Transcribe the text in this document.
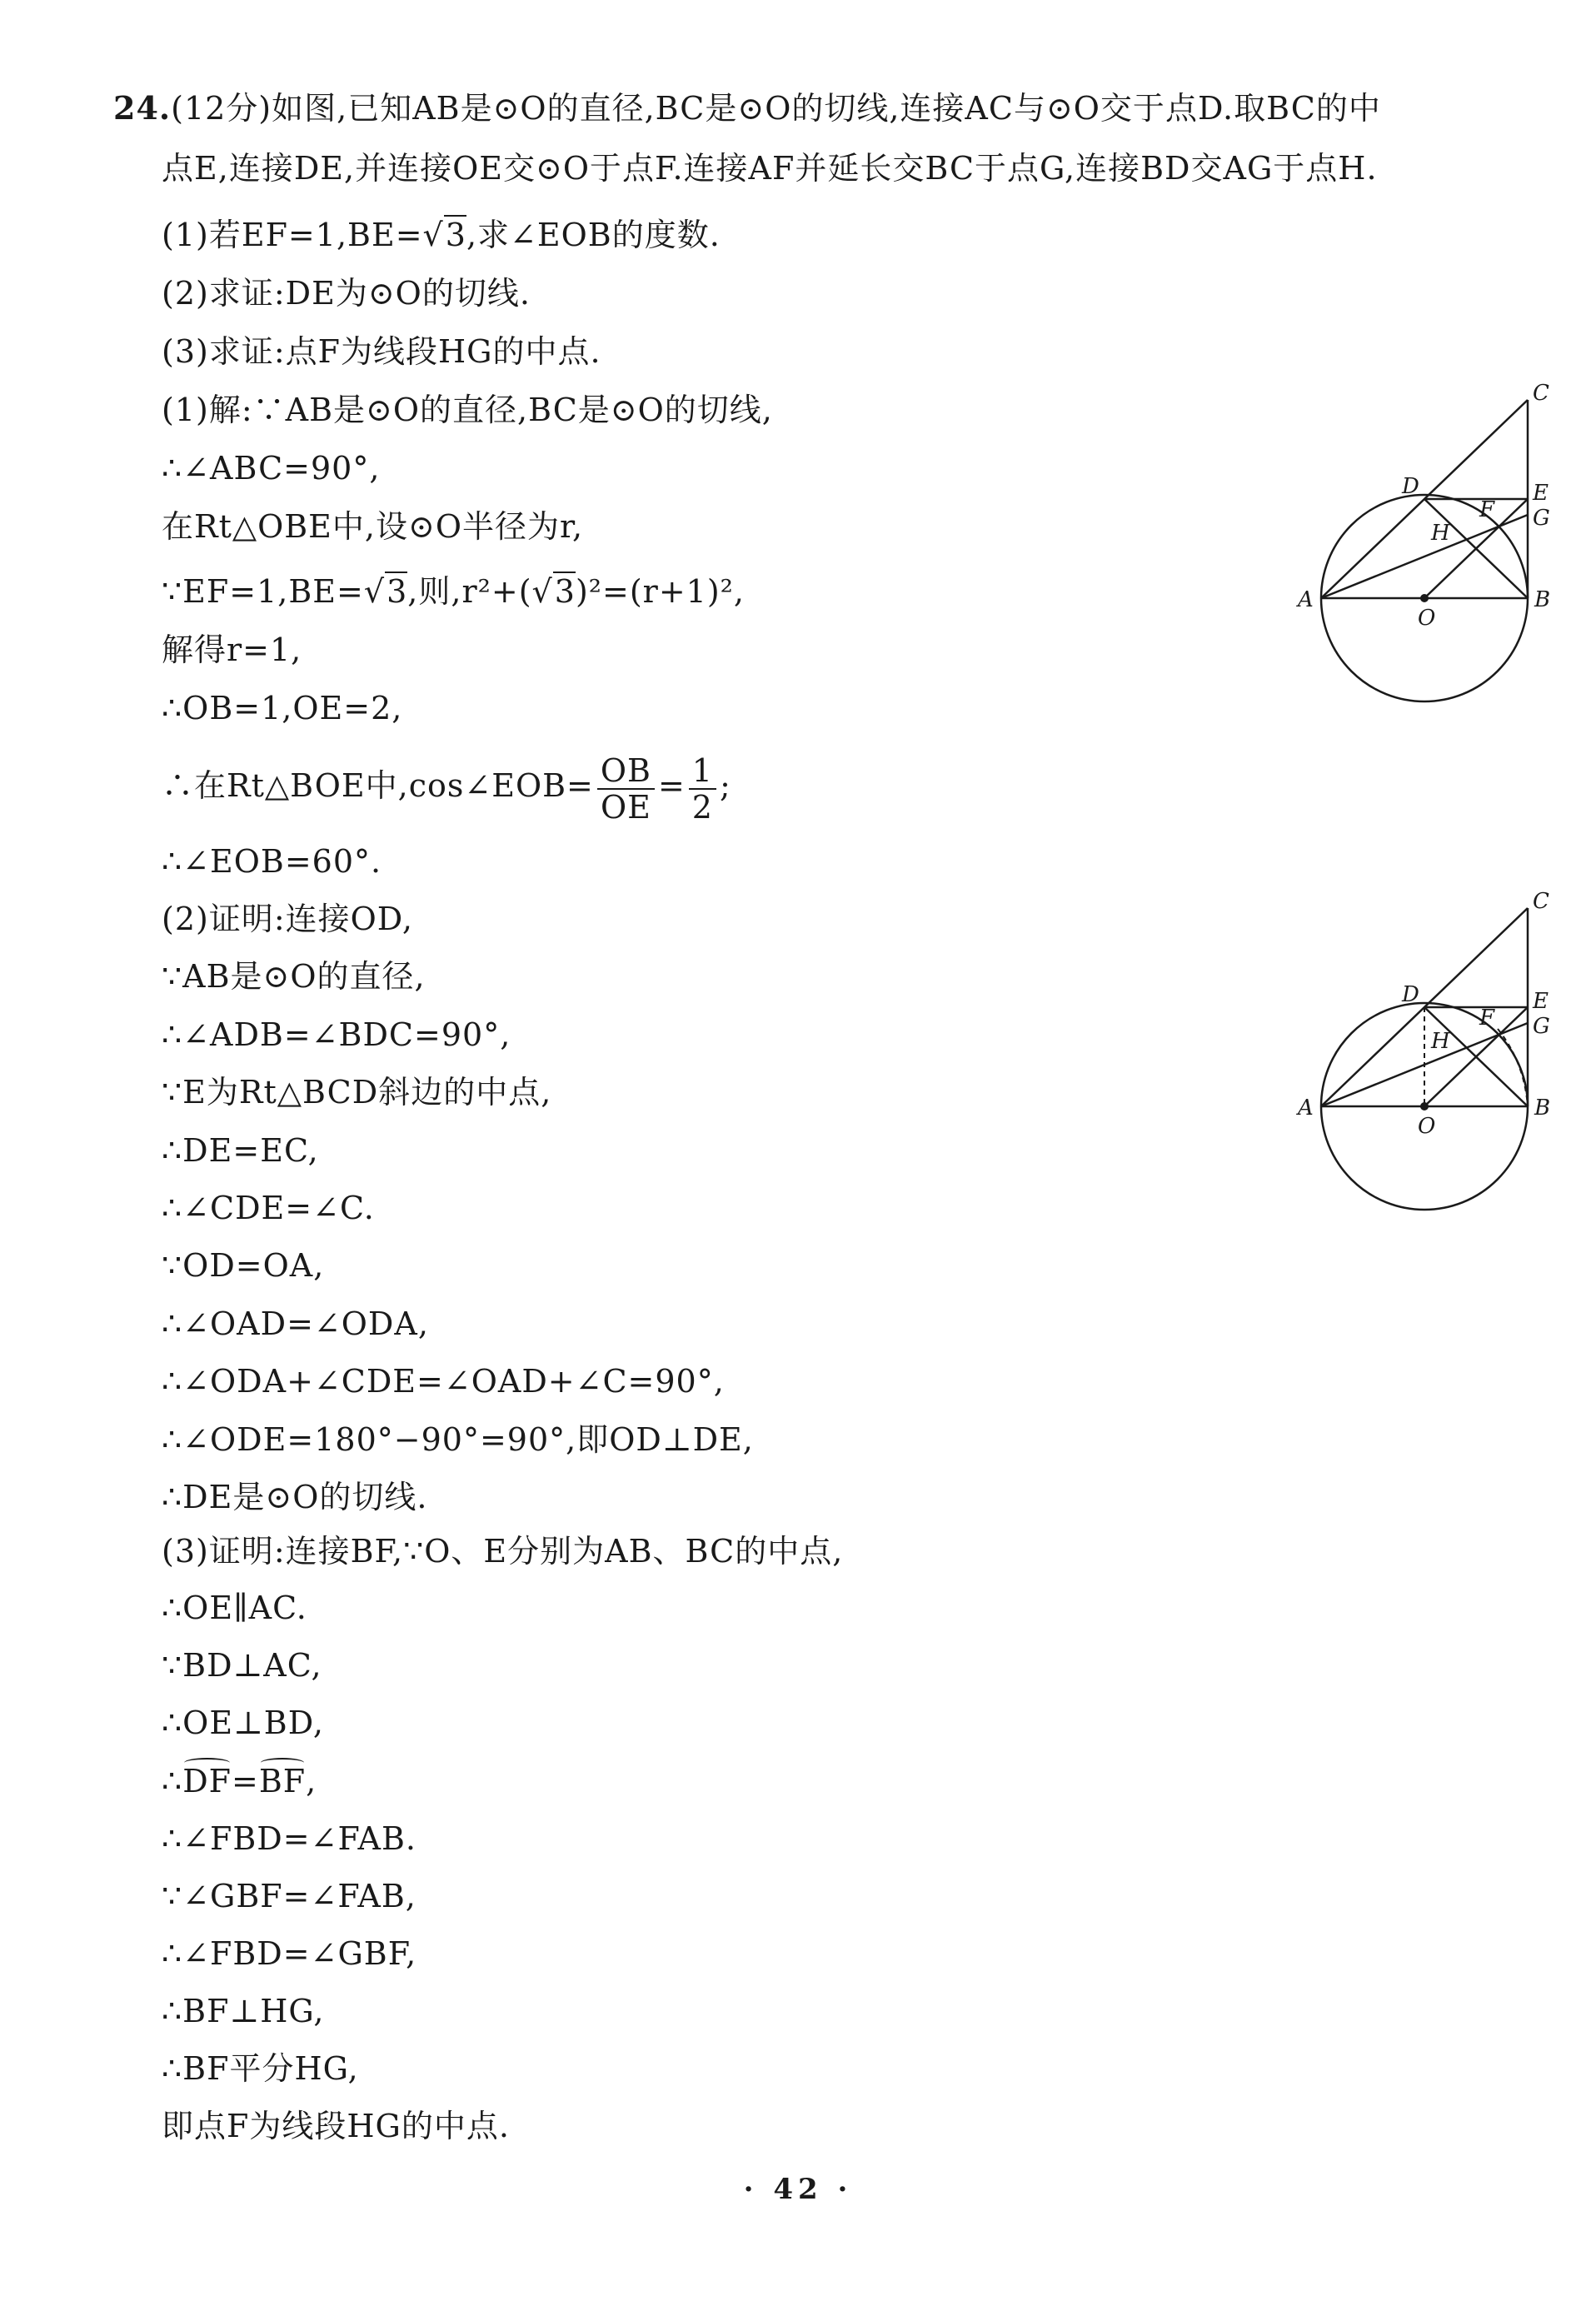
24.(12分)如图,已知AB是⊙O的直径,BC是⊙O的切线,连接AC与⊙O交于点D.取BC的中
点E,连接DE,并连接OE交⊙O于点F.连接AF并延长交BC于点G,连接BD交AG于点H.
(1)若EF=1,BE=√3,求∠EOB的度数.
(2)求证:DE为⊙O的切线.
(3)求证:点F为线段HG的中点.
(1)解:∵AB是⊙O的直径,BC是⊙O的切线,
∴∠ABC=90°,
在Rt△OBE中,设⊙O半径为r,
∵EF=1,BE=√3,则,r²+(√3)²=(r+1)²,
解得r=1,
∴OB=1,OE=2,
∴在Rt△BOE中,cos∠EOB= $\frac{OB}{OE} = \frac{1}{2}$ ;
∴∠EOB=60°.
(2)证明:连接OD,
∵AB是⊙O的直径,
∴∠ADB=∠BDC=90°,
∵E为Rt△BCD斜边的中点,
∴DE=EC,
∴∠CDE=∠C.
∵OD=OA,
∴∠OAD=∠ODA,
∴∠ODA+∠CDE=∠OAD+∠C=90°,
∴∠ODE=180°−90°=90°,即OD⊥DE,
∴DE是⊙O的切线.
(3)证明:连接BF,∵O、E分别为AB、BC的中点,
∴OE∥AC.
∵BD⊥AC,
∴OE⊥BD,
∴DF=BF,
∴∠FBD=∠FAB.
∵∠GBF=∠FAB,
∴∠FBD=∠GBF,
∴BF⊥HG,
∴BF平分HG,
即点F为线段HG的中点.
A	B
C
D	E
F G
H
O
A	B
C
D	E
F G
H
O
· 42 ·
